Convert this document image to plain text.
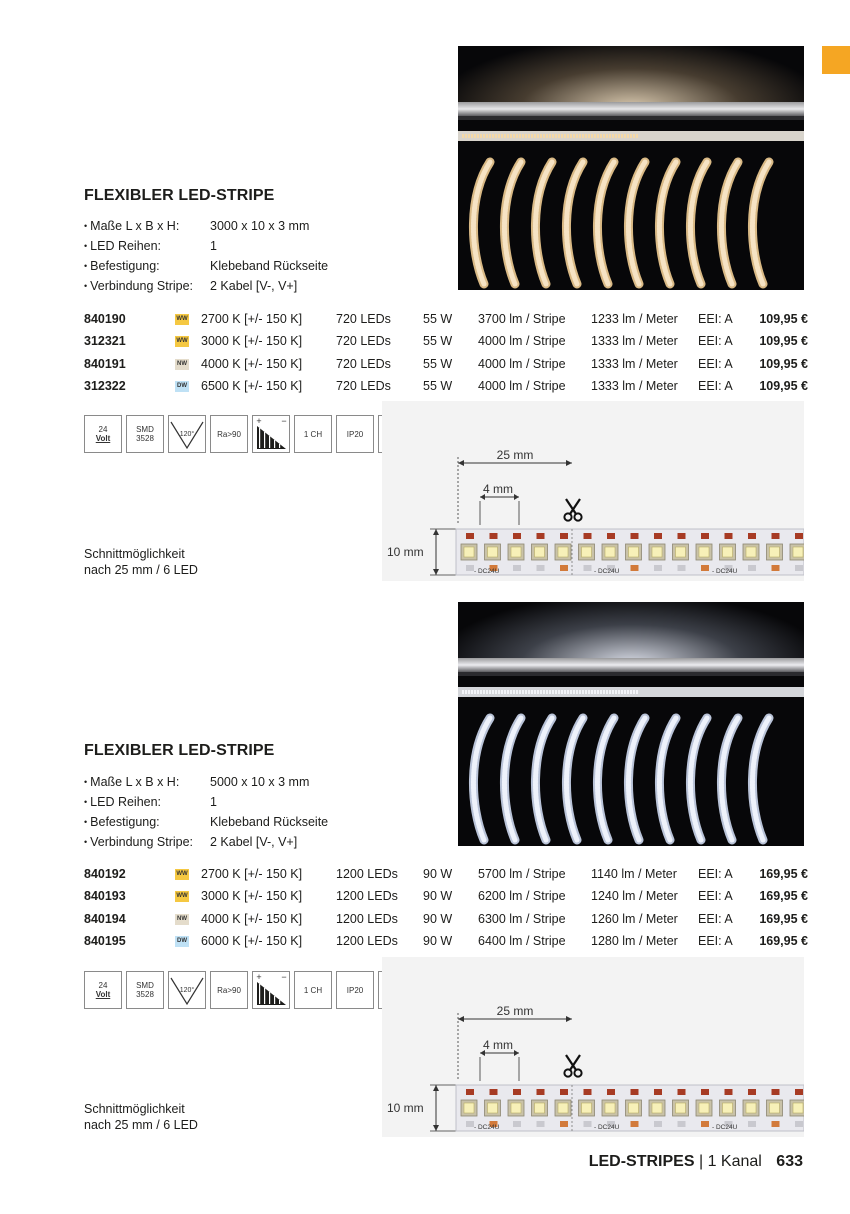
FLEXIBLER LED-STRIPE
• Maße L x B x H:	3000 x 10 x 3 mm
• LED Reihen:	1
• Befestigung:	Klebeband Rückseite
• Verbindung Stripe:	2 Kabel [V-, V+]
840190	WW 2700 K [+/- 150 K]	720 LEDs	55 W 3700 lm / Stripe 1233 lm / Meter EEI: A 109,95 €
312321	WW 3000 K [+/- 150 K]	720 LEDs	55 W 4000 lm / Stripe 1333 lm / Meter EEI: A 109,95 €
840191	NW 4000 K [+/- 150 K]	720 LEDs	55 W 4000 lm / Stripe 1333 lm / Meter EEI: A 109,95 €
312322	DW 6500 K [+/- 150 K]	720 LEDs	55 W 4000 lm / Stripe 1333 lm / Meter EEI: A 109,95 €
24
Volt
SMD
3528	120°	Ra>90
+ −
1 CH	IP20
25 mm
4 mm
10 mm
- DC24U	- DC24U	- DC24U
Schnittmöglichkeit
nach 25 mm / 6 LED
FLEXIBLER LED-STRIPE
• Maße L x B x H:	5000 x 10 x 3 mm
• LED Reihen:	1
• Befestigung:	Klebeband Rückseite
• Verbindung Stripe:	2 Kabel [V-, V+]
840192	WW 2700 K [+/- 150 K]	1200 LEDs 90 W 5700 lm / Stripe 1140 lm / Meter EEI: A 169,95 €
840193	WW 3000 K [+/- 150 K]	1200 LEDs 90 W 6200 lm / Stripe 1240 lm / Meter EEI: A 169,95 €
840194	NW 4000 K [+/- 150 K]	1200 LEDs 90 W 6300 lm / Stripe 1260 lm / Meter EEI: A 169,95 €
840195	DW 6000 K [+/- 150 K]	1200 LEDs 90 W 6400 lm / Stripe 1280 lm / Meter EEI: A 169,95 €
24
Volt
SMD
3528	120°	Ra>90
+ −
1 CH	IP20
25 mm
4 mm
10 mm
- DC24U	- DC24U	- DC24U
Schnittmöglichkeit
nach 25 mm / 6 LED
LED-STRIPES | 1 Kanal 633
